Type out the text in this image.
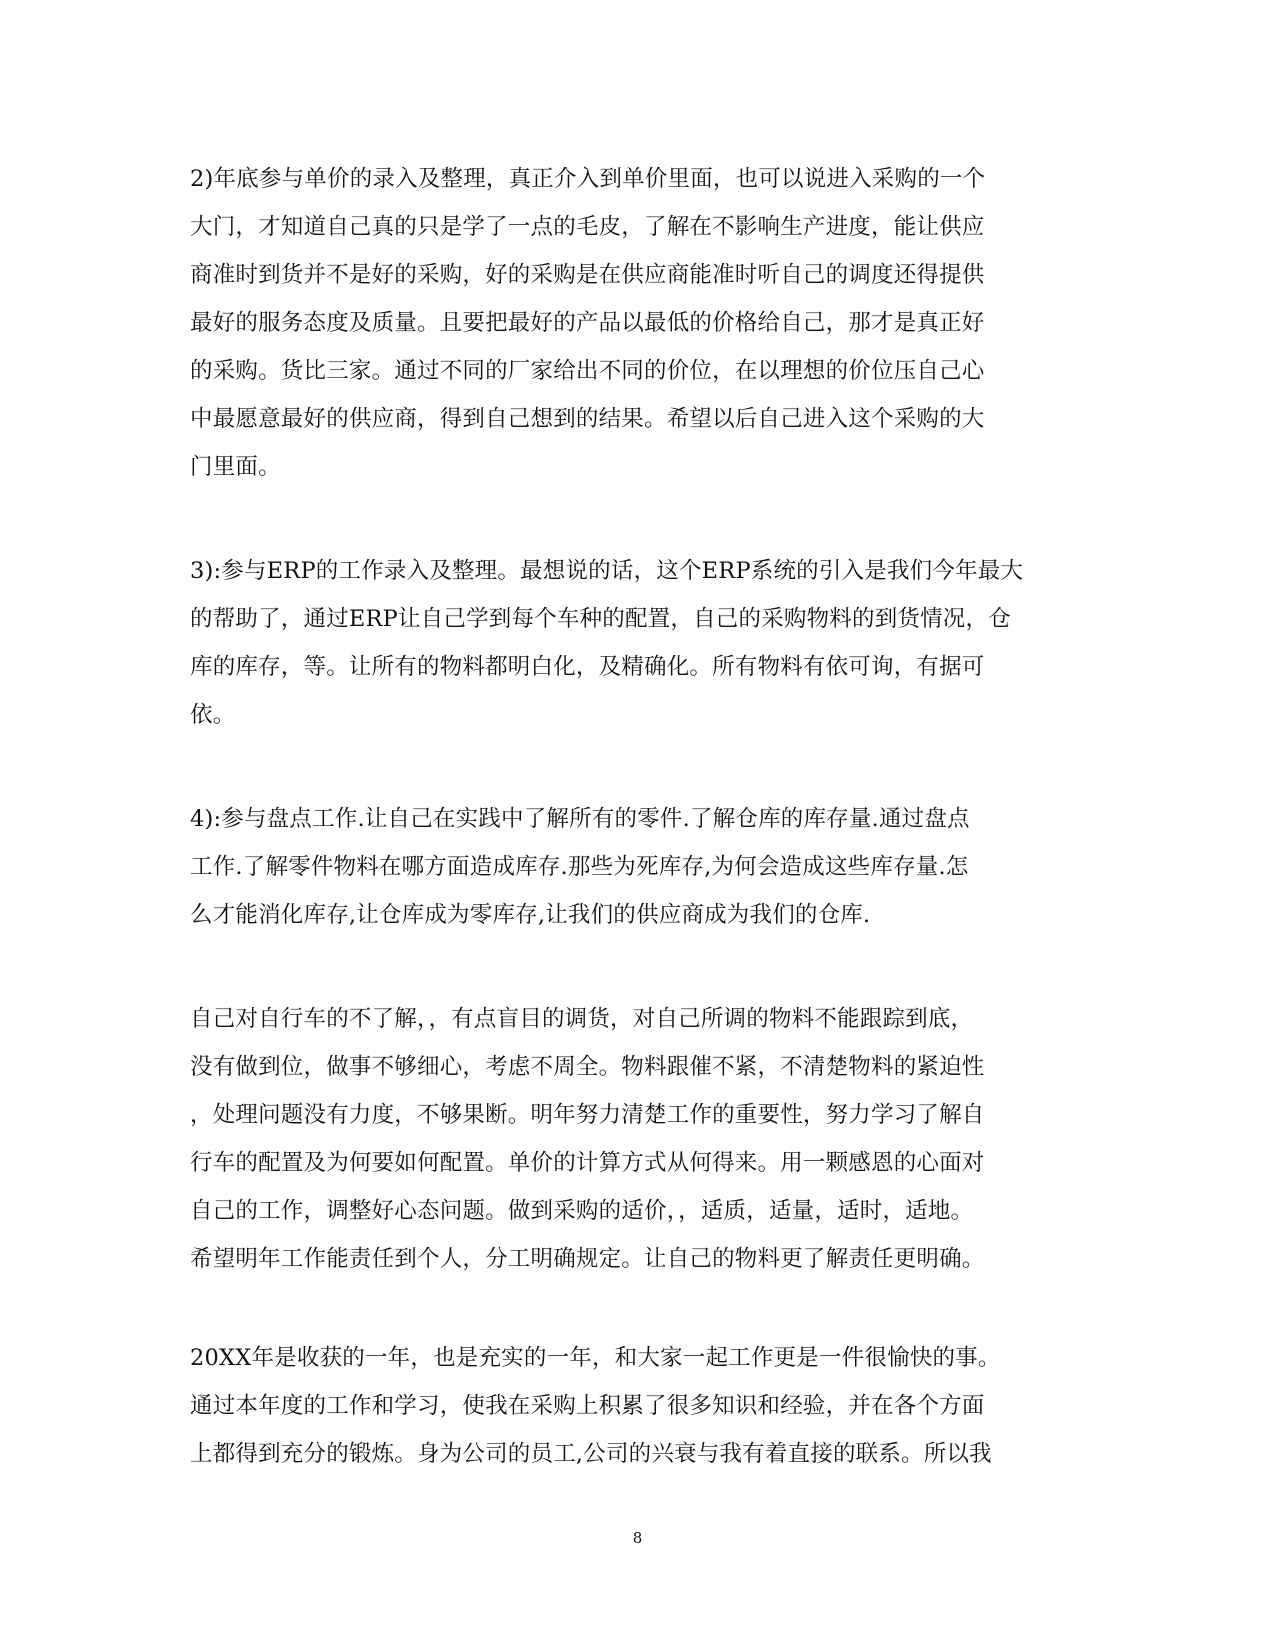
2)年底参与单价的录入及整理，真正介入到单价里面，也可以说进入采购的一个
大门，才知道自己真的只是学了一点的毛皮，了解在不影响生产进度，能让供应
商准时到货并不是好的采购，好的采购是在供应商能准时听自己的调度还得提供
最好的服务态度及质量。且要把最好的产品以最低的价格给自己，那才是真正好
的采购。货比三家。通过不同的厂家给出不同的价位，在以理想的价位压自己心
中最愿意最好的供应商，得到自己想到的结果。希望以后自己进入这个采购的大
门里面。
3):参与ERP的工作录入及整理。最想说的话，这个ERP系统的引入是我们今年最大
的帮助了，通过ERP让自己学到每个车种的配置，自己的采购物料的到货情况，仓
库的库存，等。让所有的物料都明白化，及精确化。所有物料有依可询，有据可
依。
4):参与盘点工作.让自己在实践中了解所有的零件.了解仓库的库存量.通过盘点
工作.了解零件物料在哪方面造成库存.那些为死库存,为何会造成这些库存量.怎
么才能消化库存,让仓库成为零库存,让我们的供应商成为我们的仓库.
自己对自行车的不了解，，有点盲目的调货，对自己所调的物料不能跟踪到底，
没有做到位，做事不够细心，考虑不周全。物料跟催不紧，不清楚物料的紧迫性
，处理问题没有力度，不够果断。明年努力清楚工作的重要性，努力学习了解自
行车的配置及为何要如何配置。单价的计算方式从何得来。用一颗感恩的心面对
自己的工作，调整好心态问题。做到采购的适价，，适质，适量，适时，适地。
希望明年工作能责任到个人，分工明确规定。让自己的物料更了解责任更明确。
20XX年是收获的一年，也是充实的一年，和大家一起工作更是一件很愉快的事。
通过本年度的工作和学习，使我在采购上积累了很多知识和经验，并在各个方面
上都得到充分的锻炼。身为公司的员工,公司的兴衰与我有着直接的联系。所以我
8
